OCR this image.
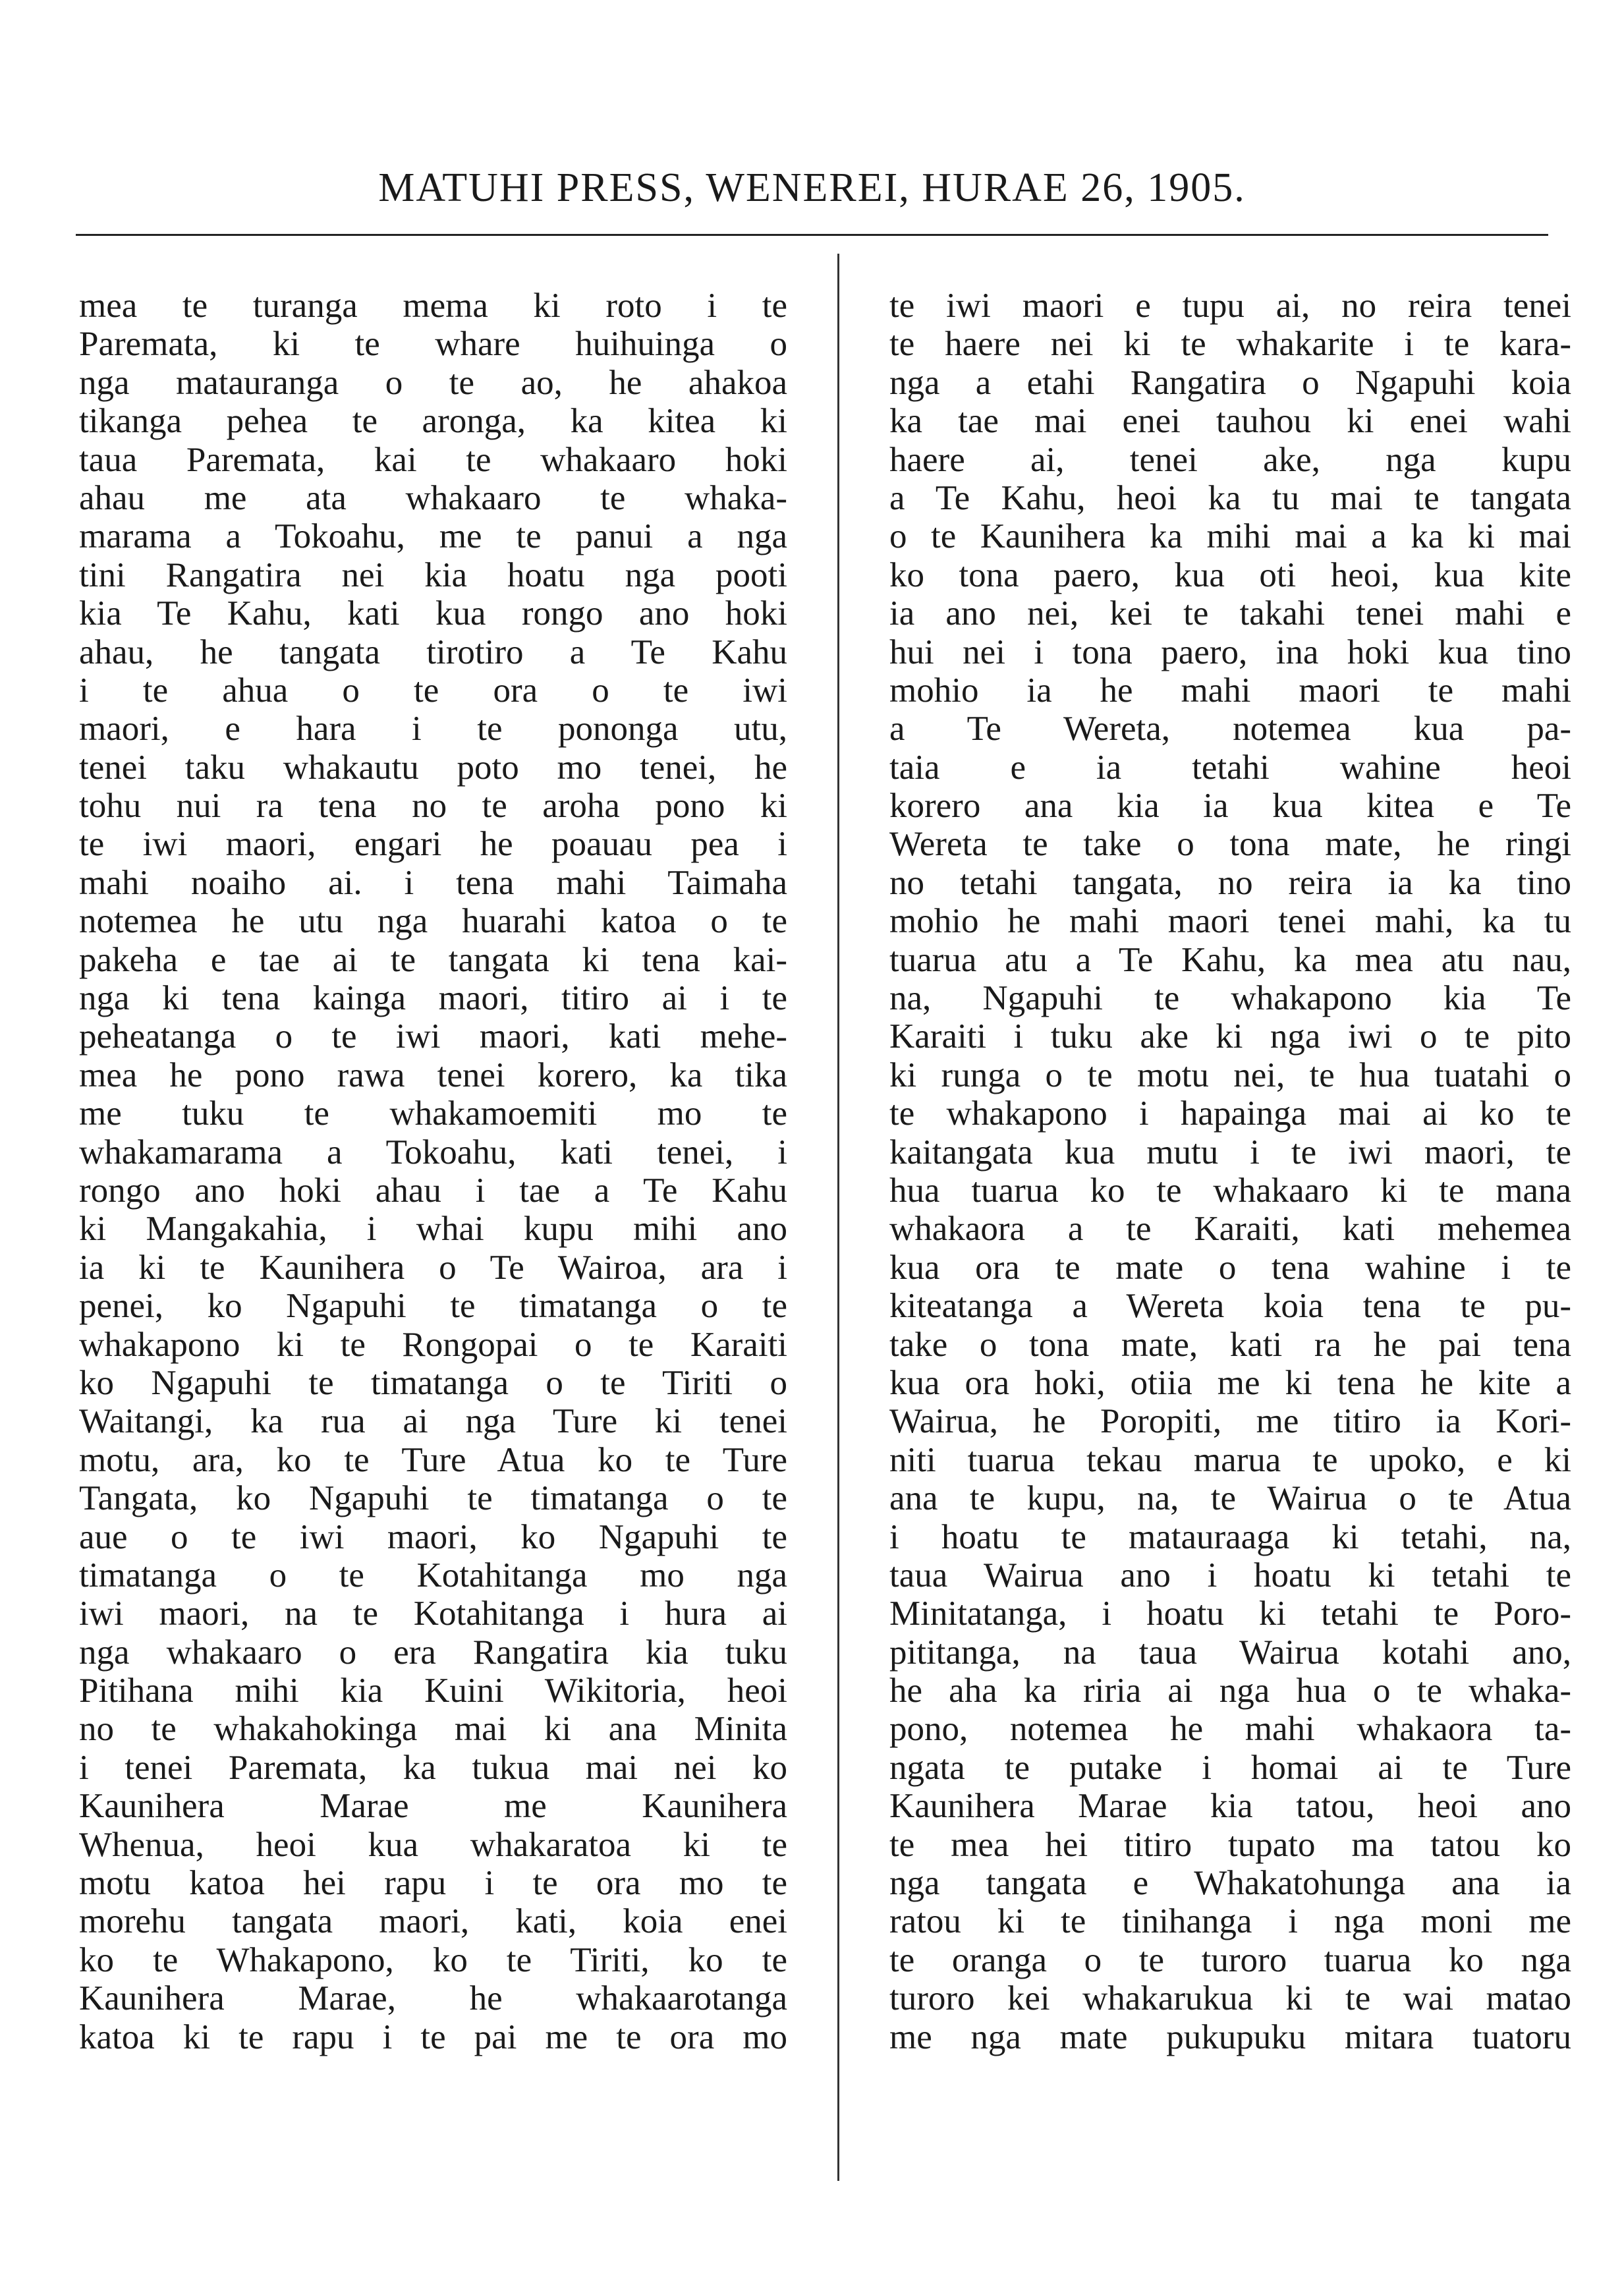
MATUHI PRESS, WENEREI, HURAE 26, 1905.
mea te turanga mema ki roto i te
Paremata, ki te whare huihuinga o
nga matauranga o te ao, he ahakoa
tikanga pehea te aronga, ka kitea ki
taua Paremata, kai te whakaaro hoki
ahau me ata whakaaro te whaka-
marama a Tokoahu, me te panui a nga
tini Rangatira nei kia hoatu nga pooti
kia Te Kahu, kati kua rongo ano hoki
ahau, he tangata tirotiro a Te Kahu
i te ahua o te ora o te iwi
maori, e hara i te pononga utu,
tenei taku whakautu poto mo tenei, he
tohu nui ra tena no te aroha pono ki
te iwi maori, engari he poauau pea i
mahi noaiho ai. i tena mahi Taimaha
notemea he utu nga huarahi katoa o te
pakeha e tae ai te tangata ki tena kai-
nga ki tena kainga maori, titiro ai i te
peheatanga o te iwi maori, kati mehe-
mea he pono rawa tenei korero, ka tika
me tuku te whakamoemiti mo te
whakamarama a Tokoahu, kati tenei, i
rongo ano hoki ahau i tae a Te Kahu
ki Mangakahia, i whai kupu mihi ano
ia ki te Kaunihera o Te Wairoa, ara i
penei, ko Ngapuhi te timatanga o te
whakapono ki te Rongopai o te Karaiti
ko Ngapuhi te timatanga o te Tiriti o
Waitangi, ka rua ai nga Ture ki tenei
motu, ara, ko te Ture Atua ko te Ture
Tangata, ko Ngapuhi te timatanga o te
aue o te iwi maori, ko Ngapuhi te
timatanga o te Kotahitanga mo nga
iwi maori, na te Kotahitanga i hura ai
nga whakaaro o era Rangatira kia tuku
Pitihana mihi kia Kuini Wikitoria, heoi
no te whakahokinga mai ki ana Minita
i tenei Paremata, ka tukua mai nei ko
Kaunihera Marae me Kaunihera
Whenua, heoi kua whakaratoa ki te
motu katoa hei rapu i te ora mo te
morehu tangata maori, kati, koia enei
ko te Whakapono, ko te Tiriti, ko te
Kaunihera Marae, he whakaarotanga
katoa ki te rapu i te pai me te ora mo
te iwi maori e tupu ai, no reira tenei
te haere nei ki te whakarite i te kara-
nga a etahi Rangatira o Ngapuhi koia
ka tae mai enei tauhou ki enei wahi
haere ai, tenei ake, nga kupu
a Te Kahu, heoi ka tu mai te tangata
o te Kaunihera ka mihi mai a ka ki mai
ko tona paero, kua oti heoi, kua kite
ia ano nei, kei te takahi tenei mahi e
hui nei i tona paero, ina hoki kua tino
mohio ia he mahi maori te mahi
a Te Wereta, notemea kua pa-
taia e ia tetahi wahine heoi
korero ana kia ia kua kitea e Te
Wereta te take o tona mate, he ringi
no tetahi tangata, no reira ia ka tino
mohio he mahi maori tenei mahi, ka tu
tuarua atu a Te Kahu, ka mea atu nau,
na, Ngapuhi te whakapono kia Te
Karaiti i tuku ake ki nga iwi o te pito
ki runga o te motu nei, te hua tuatahi o
te whakapono i hapainga mai ai ko te
kaitangata kua mutu i te iwi maori, te
hua tuarua ko te whakaaro ki te mana
whakaora a te Karaiti, kati mehemea
kua ora te mate o tena wahine i te
kiteatanga a Wereta koia tena te pu-
take o tona mate, kati ra he pai tena
kua ora hoki, otiia me ki tena he kite a
Wairua, he Poropiti, me titiro ia Kori-
niti tuarua tekau marua te upoko, e ki
ana te kupu, na, te Wairua o te Atua
i hoatu te matauraaga ki tetahi, na,
taua Wairua ano i hoatu ki tetahi te
Minitatanga, i hoatu ki tetahi te Poro-
pititanga, na taua Wairua kotahi ano,
he aha ka riria ai nga hua o te whaka-
pono, notemea he mahi whakaora ta-
ngata te putake i homai ai te Ture
Kaunihera Marae kia tatou, heoi ano
te mea hei titiro tupato ma tatou ko
nga tangata e Whakatohunga ana ia
ratou ki te tinihanga i nga moni me
te oranga o te turoro tuarua ko nga
turoro kei whakarukua ki te wai matao
me nga mate pukupuku mitara tuatoru
